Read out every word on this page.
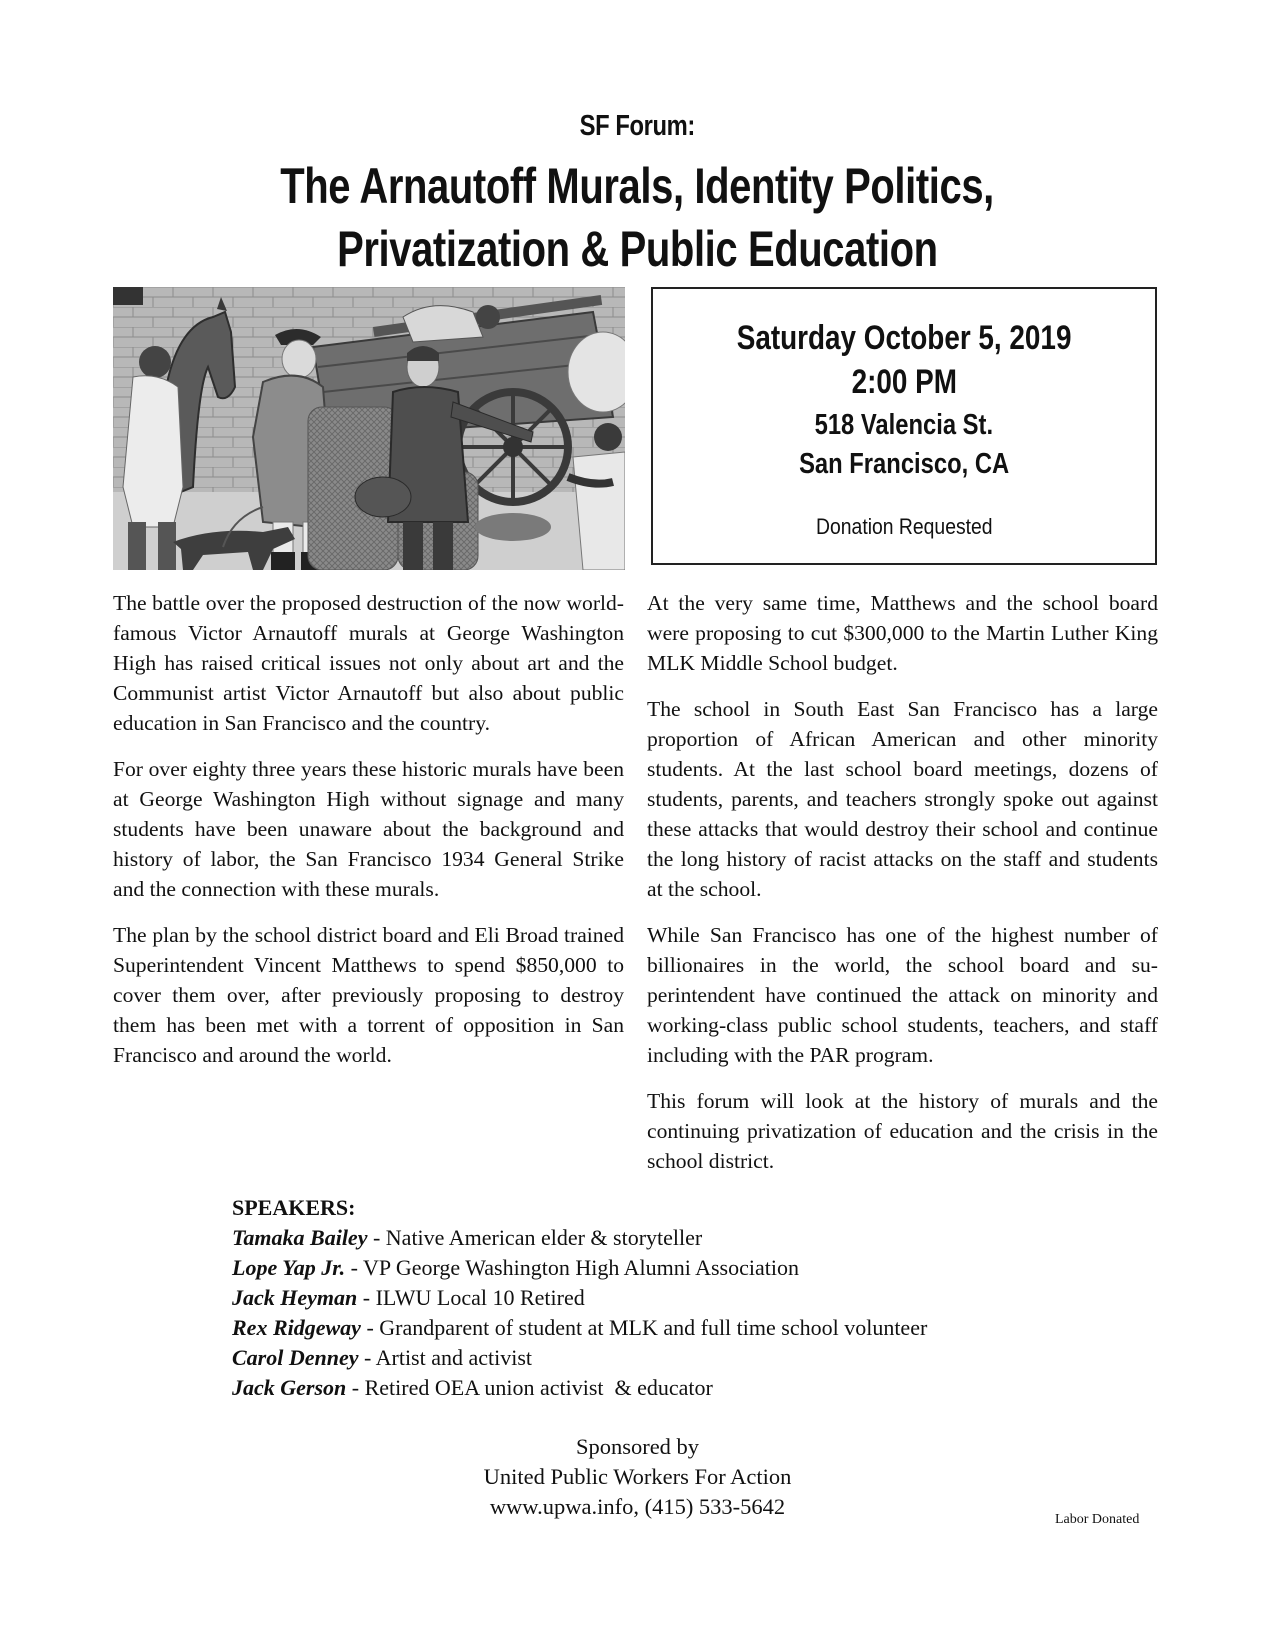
SF Forum:
The Arnautoff Murals, Identity Politics,
Privatization & Public Education
Saturday October 5, 2019
2:00 PM
518 Valencia St.
San Francisco, CA
Donation Requested

The battle over the proposed destruction of the now world-famous Victor Arnautoff murals at George Washington High has raised critical issues not only about art and the Communist artist Victor Arnautoff but also about public education in San Francisco and the country.

For over eighty three years these historic murals have been at George Washington High without signage and many students have been unaware about the background and history of labor, the San Francisco 1934 General Strike and the connection with these murals.

The plan by the school district board and Eli Broad trained Superintendent Vincent Matthews to spend $850,000 to cover them over, after previously proposing to destroy them has been met with a torrent of opposition in San Francisco and around the world.

At the very same time, Matthews and the school board were proposing to cut $300,000 to the Martin Luther King MLK Middle School budget.

The school in South East San Francisco has a large proportion of African American and other minority students. At the last school board meetings, dozens of students, parents, and teachers strongly spoke out against these attacks that would destroy their school and continue the long history of racist attacks on the staff and students at the school.

While San Francisco has one of the highest number of billionaires in the world, the school board and superintendent have continued the attack on minority and working-class public school students, teachers, and staff including with the PAR program.

This forum will look at the history of murals and the continuing privatization of education and the crisis in the school district.

SPEAKERS:
Tamaka Bailey - Native American elder & storyteller
Lope Yap Jr. - VP George Washington High Alumni Association
Jack Heyman - ILWU Local 10 Retired
Rex Ridgeway - Grandparent of student at MLK and full time school volunteer
Carol Denney - Artist and activist
Jack Gerson - Retired OEA union activist  & educator
Sponsored by
United Public Workers For Action
www.upwa.info, (415) 533-5642
Labor Donated
